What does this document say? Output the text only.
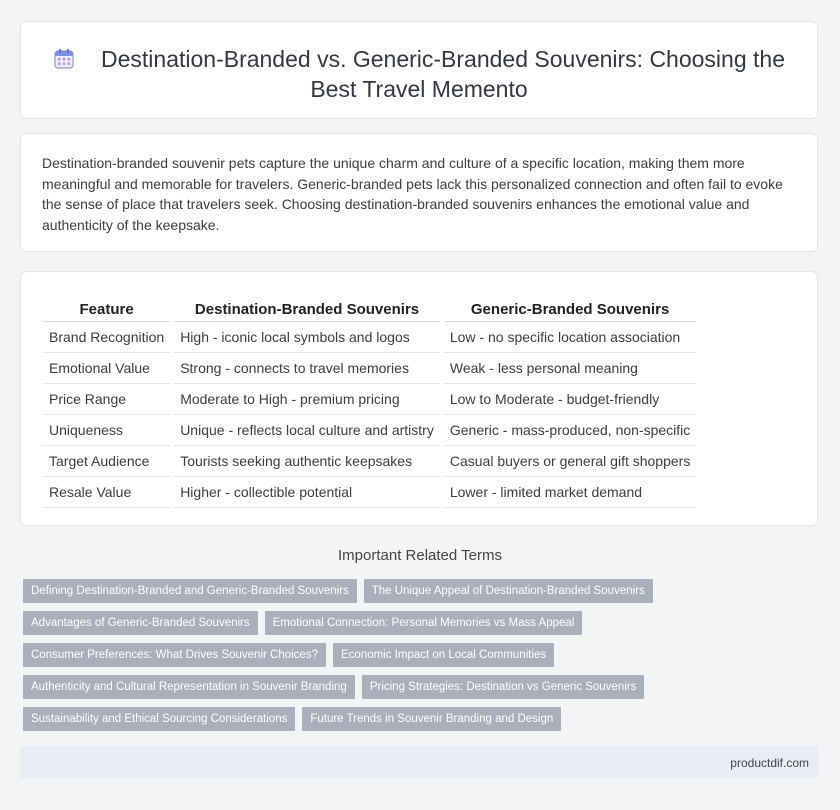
Destination-Branded vs. Generic-Branded Souvenirs: Choosing the Best Travel Memento
Destination-branded souvenir pets capture the unique charm and culture of a specific location, making them more meaningful and memorable for travelers. Generic-branded pets lack this personalized connection and often fail to evoke the sense of place that travelers seek. Choosing destination-branded souvenirs enhances the emotional value and authenticity of the keepsake.
Feature	Destination-Branded Souvenirs	Generic-Branded Souvenirs
Brand Recognition	High - iconic local symbols and logos	Low - no specific location association
Emotional Value	Strong - connects to travel memories	Weak - less personal meaning
Price Range	Moderate to High - premium pricing	Low to Moderate - budget-friendly
Uniqueness	Unique - reflects local culture and artistry	Generic - mass-produced, non-specific
Target Audience	Tourists seeking authentic keepsakes	Casual buyers or general gift shoppers
Resale Value	Higher - collectible potential	Lower - limited market demand
Important Related Terms
Defining Destination-Branded and Generic-Branded Souvenirs The Unique Appeal of Destination-Branded Souvenirs
Advantages of Generic-Branded Souvenirs Emotional Connection: Personal Memories vs Mass Appeal
Consumer Preferences: What Drives Souvenir Choices? Economic Impact on Local Communities
Authenticity and Cultural Representation in Souvenir Branding Pricing Strategies: Destination vs Generic Souvenirs
Sustainability and Ethical Sourcing Considerations Future Trends in Souvenir Branding and Design
productdif.com
